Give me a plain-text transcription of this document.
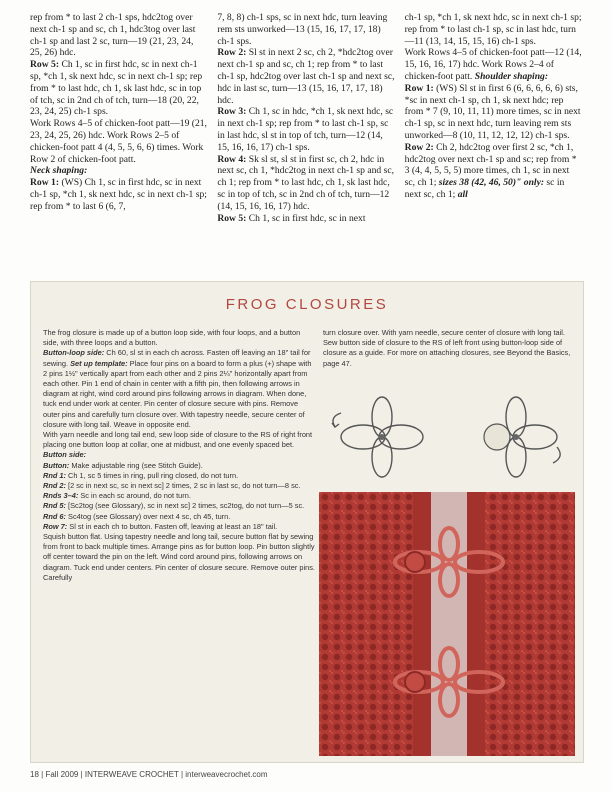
rep from * to last 2 ch-1 sps, hdc2tog over next ch-1 sp and sc, ch 1, hdc3tog over last ch-1 sp and last 2 sc, turn—19 (21, 23, 24, 25, 26) hdc.

Row 5: Ch 1, sc in first hdc, sc in next ch-1 sp, *ch 1, sk next hdc, sc in next ch-1 sp; rep from * to last hdc, ch 1, sk last hdc, sc in top of tch, sc in 2nd ch of tch, turn—18 (20, 22, 23, 24, 25) ch-1 sps.

Work Rows 4–5 of chicken-foot patt—19 (21, 23, 24, 25, 26) hdc. Work Rows 2–5 of chicken-foot patt 4 (4, 5, 5, 6, 6) times. Work Row 2 of chicken-foot patt.

Neck shaping:

Row 1: (WS) Ch 1, sc in first hdc, sc in next ch-1 sp, *ch 1, sk next hdc, sc in next ch-1 sp; rep from * to last 6 (6, 7,

7, 8, 8) ch-1 sps, sc in next hdc, turn leaving rem sts unworked—13 (15, 16, 17, 17, 18) ch-1 sps.

Row 2: Sl st in next 2 sc, ch 2, *hdc2tog over next ch-1 sp and sc, ch 1; rep from * to last ch-1 sp, hdc2tog over last ch-1 sp and next sc, hdc in last sc, turn—13 (15, 16, 17, 17, 18) hdc.

Row 3: Ch 1, sc in hdc, *ch 1, sk next hdc, sc in next ch-1 sp; rep from * to last ch-1 sp, sc in last hdc, sl st in top of tch, turn—12 (14, 15, 16, 16, 17) ch-1 sps.

Row 4: Sk sl st, sl st in first sc, ch 2, hdc in next sc, ch 1, *hdc2tog in next ch-1 sp and sc, ch 1; rep from * to last hdc, ch 1, sk last hdc, sc in top of tch, sc in 2nd ch of tch, turn—12 (14, 15, 16, 16, 17) hdc.

Row 5: Ch 1, sc in first hdc, sc in next

ch-1 sp, *ch 1, sk next hdc, sc in next ch-1 sp; rep from * to last ch-1 sp, sc in last hdc, turn—11 (13, 14, 15, 15, 16) ch-1 sps.

Work Rows 4–5 of chicken-foot patt—12 (14, 15, 16, 16, 17) hdc. Work Rows 2–4 of chicken-foot patt. Shoulder shaping:

Row 1: (WS) Sl st in first 6 (6, 6, 6, 6, 6) sts, *sc in next ch-1 sp, ch 1, sk next hdc; rep from * 7 (9, 10, 11, 11) more times, sc in next ch-1 sp, sc in next hdc, turn leaving rem sts unworked—8 (10, 11, 12, 12, 12) ch-1 sps.

Row 2: Ch 2, hdc2tog over first 2 sc, *ch 1, hdc2tog over next ch-1 sp and sc; rep from * 3 (4, 4, 5, 5, 5) more times, ch 1, sc in next sc, ch 1; sizes 38 (42, 46, 50)" only: sc in next sc, ch 1; all

FROG CLOSURES

The frog closure is made up of a button loop side, with four loops, and a button side, with three loops and a button.

Button-loop side: Ch 60, sl st in each ch across. Fasten off leaving an 18" tail for sewing. Set up template: Place four pins on a board to form a plus (+) shape with 2 pins 1½" vertically apart from each other and 2 pins 2¼" horizontally apart from each other. Pin 1 end of chain in center with a fifth pin, then following arrows in diagram at right, wind cord around pins following arrows in diagram. When done, tuck end under work at center. Pin center of closure secure with pins. Remove outer pins and carefully turn closure over. With tapestry needle, secure center of closure with long tail. Weave in opposite end.

With yarn needle and long tail end, sew loop side of closure to the RS of right front placing one button loop at collar, one at midbust, and one evenly spaced bet.

Button side:

Button: Make adjustable ring (see Stitch Guide).

Rnd 1: Ch 1, sc 5 times in ring, pull ring closed, do not turn.

Rnd 2: [2 sc in next sc, sc in next sc] 2 times, 2 sc in last sc, do not turn—8 sc.

Rnds 3–4: Sc in each sc around, do not turn.

Rnd 5: [Sc2tog (see Glossary), sc in next sc] 2 times, sc2tog, do not turn—5 sc.

Rnd 6: Sc4tog (see Glossary) over next 4 sc, ch 45, turn.

Row 7: Sl st in each ch to button. Fasten off, leaving at least an 18" tail.

Squish button flat. Using tapestry needle and long tail, secure button flat by sewing from front to back multiple times. Arrange pins as for button loop. Pin button slightly off center toward the pin on the left. Wind cord around pins, following arrows on diagram. Tuck end under centers. Pin center of closure secure. Remove outer pins. Carefully

turn closure over. With yarn needle, secure center of closure with long tail. Sew button side of closure to the RS of left front using button-loop side of closure as a guide. For more on attaching closures, see Beyond the Basics, page 47.

18 | Fall 2009 | INTERWEAVE CROCHET | interweavecrochet.com
